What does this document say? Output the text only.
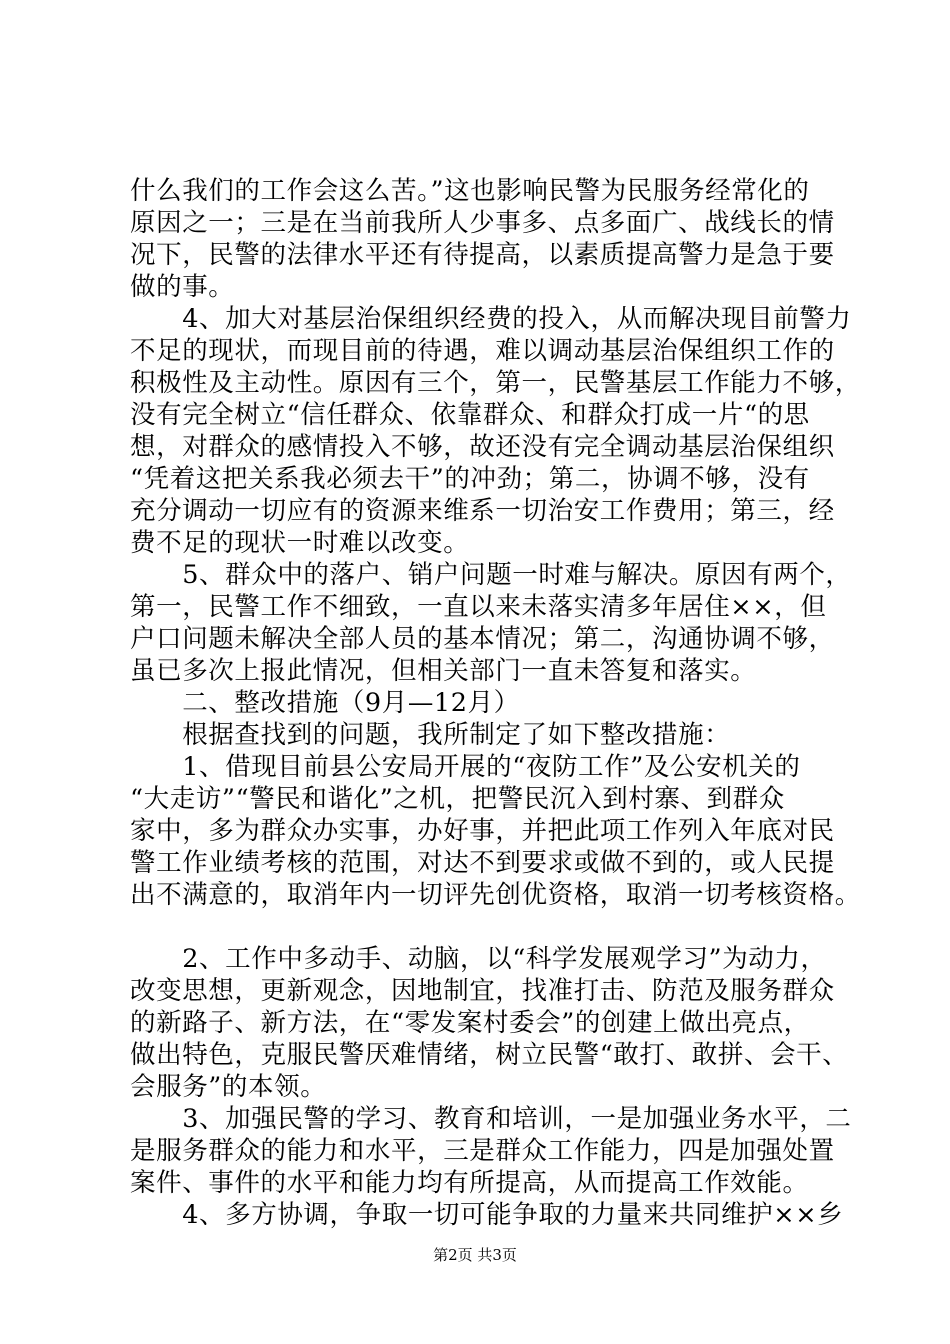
什么我们的工作会这么苦。”这也影响民警为民服务经常化的
原因之一；三是在当前我所人少事多、点多面广、战线长的情
况下，民警的法律水平还有待提高，以素质提高警力是急于要
做的事。
　　4、加大对基层治保组织经费的投入，从而解决现目前警力
不足的现状，而现目前的待遇，难以调动基层治保组织工作的
积极性及主动性。原因有三个，第一，民警基层工作能力不够，
没有完全树立“信任群众、依靠群众、和群众打成一片“的思
想，对群众的感情投入不够，故还没有完全调动基层治保组织
“凭着这把关系我必须去干”的冲劲；第二，协调不够，没有
充分调动一切应有的资源来维系一切治安工作费用；第三，经
费不足的现状一时难以改变。
　　5、群众中的落户、销户问题一时难与解决。原因有两个，
第一，民警工作不细致，一直以来未落实清多年居住××，但
户口问题未解决全部人员的基本情况；第二，沟通协调不够，
虽已多次上报此情况，但相关部门一直未答复和落实。
　　二、整改措施（9月—12月）
　　根据查找到的问题，我所制定了如下整改措施：
　　1、借现目前县公安局开展的“夜防工作”及公安机关的
“大走访”“警民和谐化”之机，把警民沉入到村寨、到群众
家中，多为群众办实事，办好事，并把此项工作列入年底对民
警工作业绩考核的范围，对达不到要求或做不到的，或人民提
出不满意的，取消年内一切评先创优资格，取消一切考核资格。
　　2、工作中多动手、动脑，以“科学发展观学习”为动力，
改变思想，更新观念，因地制宜，找准打击、防范及服务群众
的新路子、新方法，在“零发案村委会”的创建上做出亮点，
做出特色，克服民警厌难情绪，树立民警“敢打、敢拼、会干、
会服务”的本领。
　　3、加强民警的学习、教育和培训，一是加强业务水平，二
是服务群众的能力和水平，三是群众工作能力，四是加强处置
案件、事件的水平和能力均有所提高，从而提高工作效能。
　　4、多方协调，争取一切可能争取的力量来共同维护××乡
第2页 共3页
